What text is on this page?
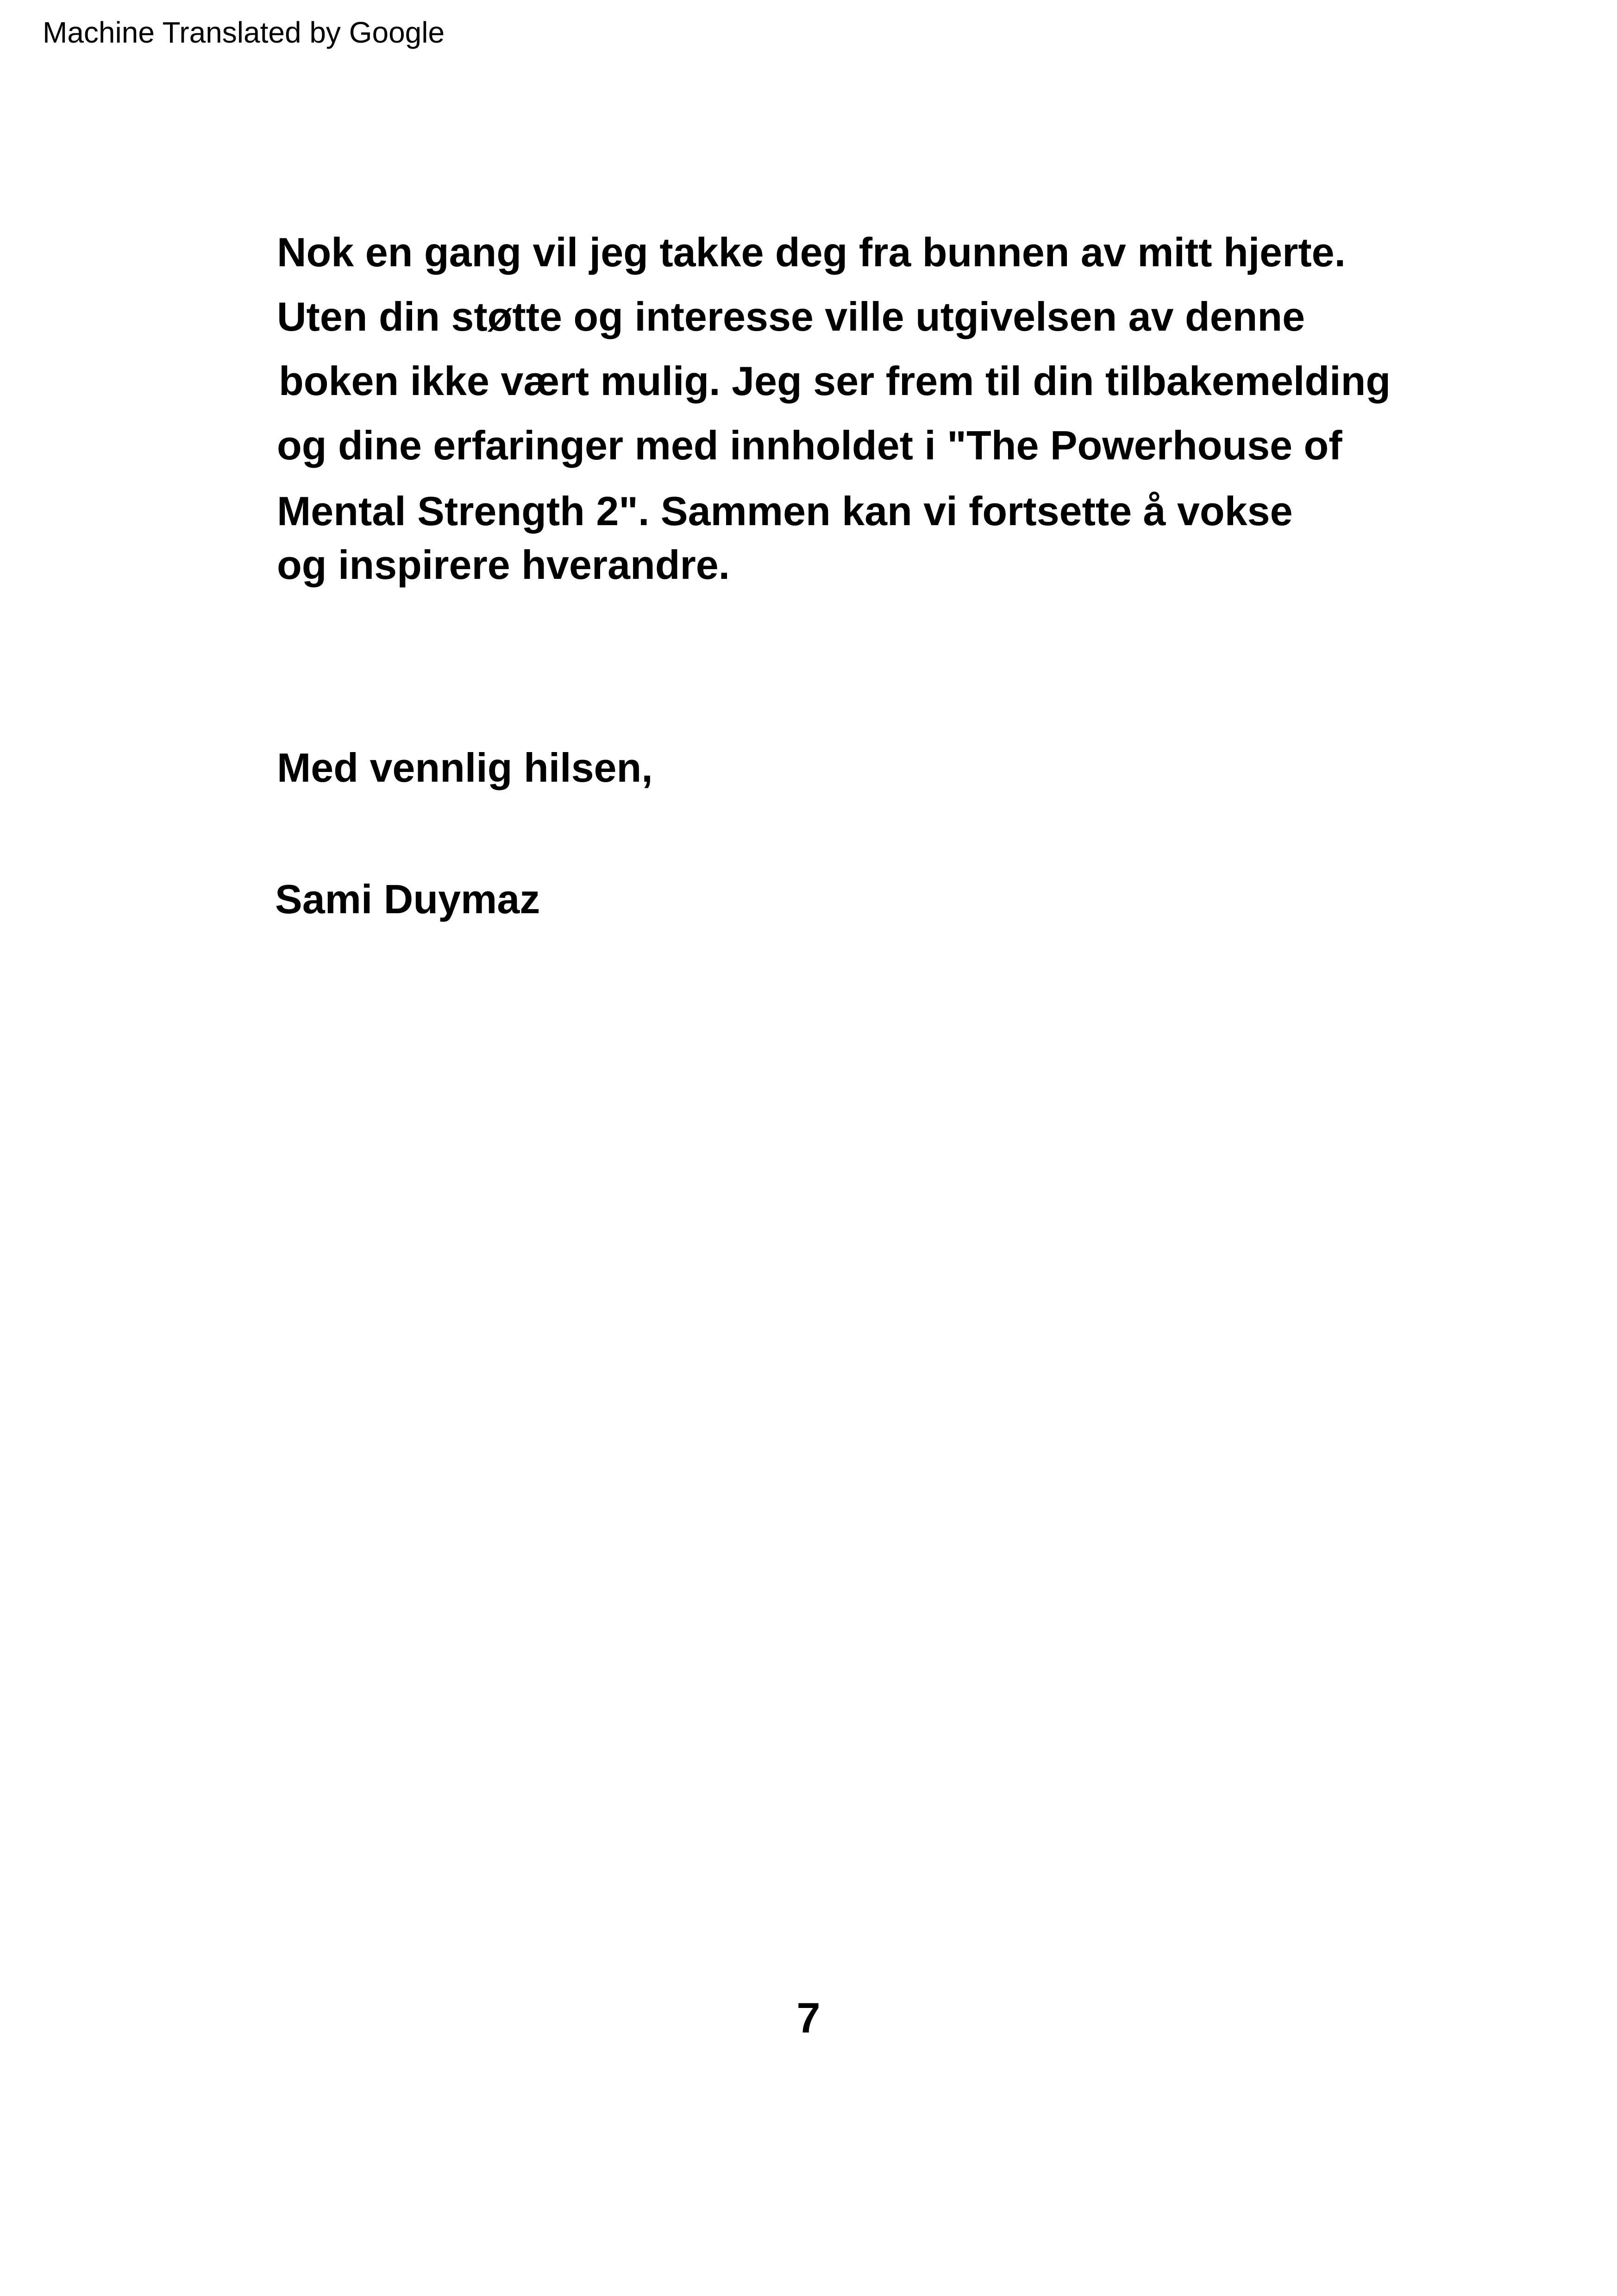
Machine Translated by Google
Nok en gang vil jeg takke deg fra bunnen av mitt hjerte.
Uten din støtte og interesse ville utgivelsen av denne
boken ikke vært mulig. Jeg ser frem til din tilbakemelding
og dine erfaringer med innholdet i "The Powerhouse of
Mental Strength 2". Sammen kan vi fortsette å vokse
og inspirere hverandre.
Med vennlig hilsen,
Sami Duymaz
7
